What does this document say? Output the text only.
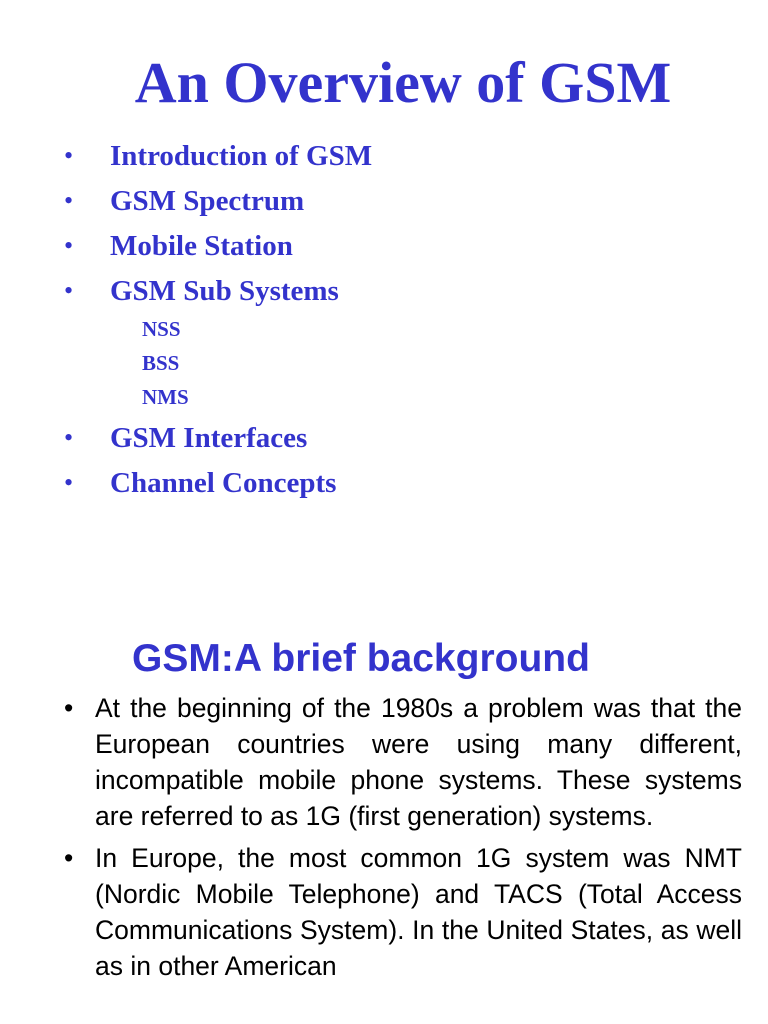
An Overview of GSM
• Introduction of GSM
• GSM Spectrum
• Mobile Station
• GSM Sub Systems
NSS
BSS
NMS
• GSM Interfaces
• Channel Concepts
GSM:A brief background
• At the beginning of the 1980s a problem was that the European countries were using many different, incompatible mobile phone systems. These systems are referred to as 1G (first generation) systems.
• In Europe, the most common 1G system was NMT (Nordic Mobile Telephone) and TACS (Total Access Communications System). In the United States, as well as in other American
